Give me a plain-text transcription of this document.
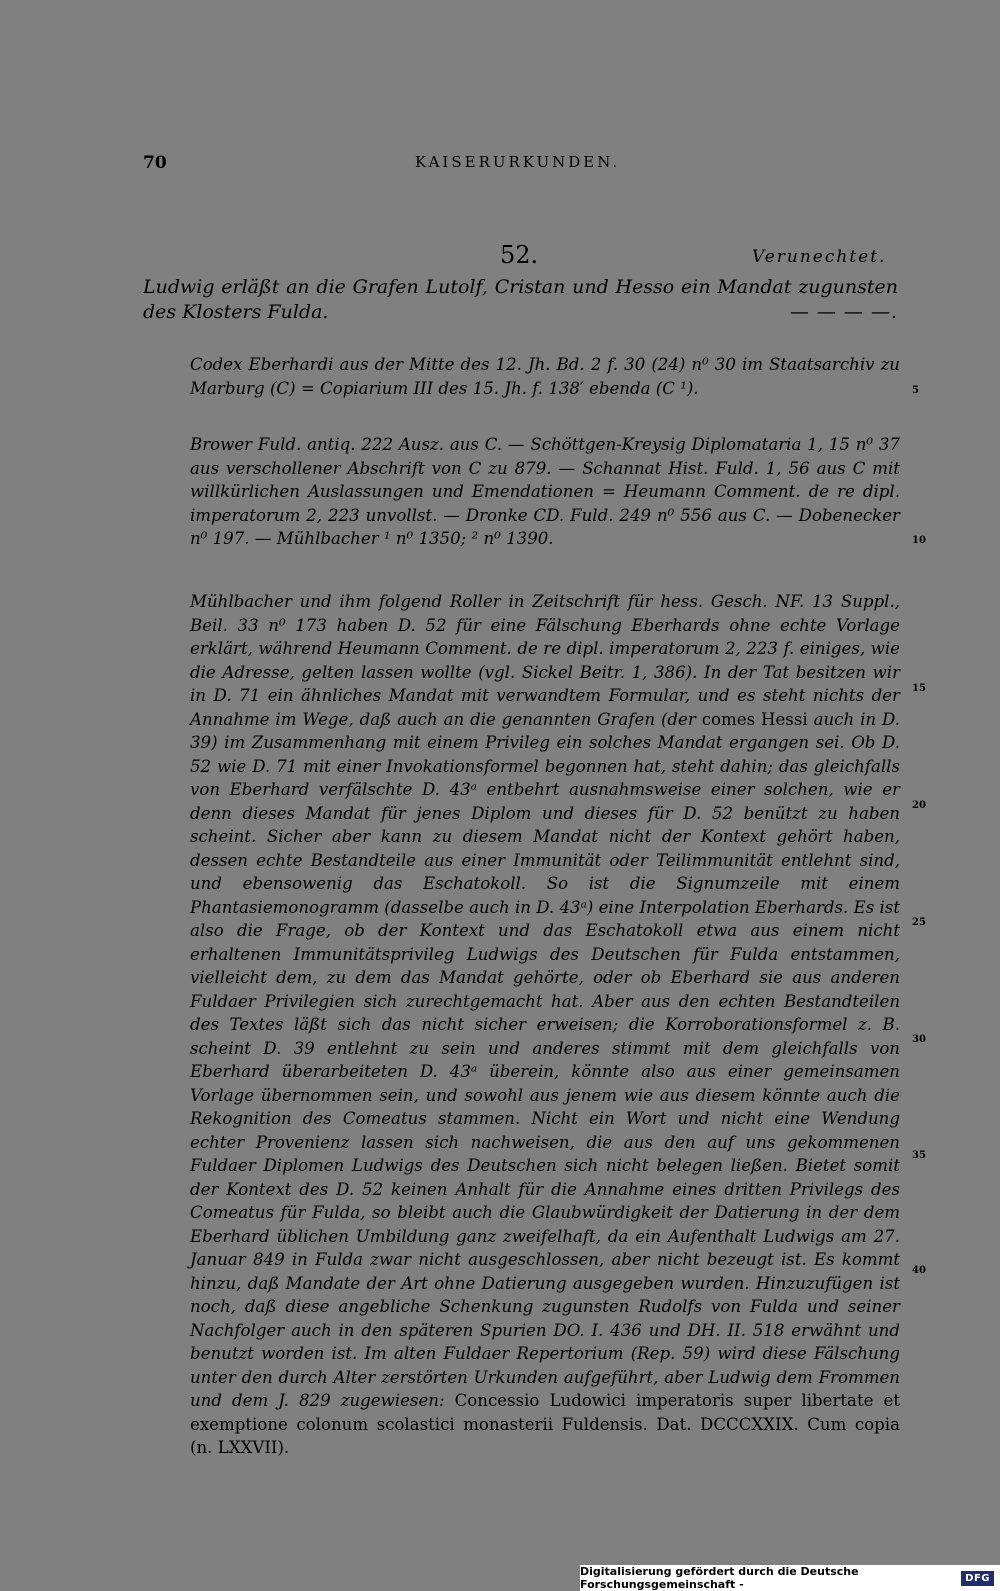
70	KAISERURKUNDEN.
52.	Verunechtet.
Ludwig erläßt an die Grafen Lutolf, Cristan und Hesso ein Mandat zugunsten des Klosters Fulda.	— — — —.
Codex Eberhardi aus der Mitte des 12. Jh. Bd. 2 f. 30 (24) n⁰ 30 im Staatsarchiv zu Marburg (C) = Copiarium III des 15. Jh. f. 138′ ebenda (C ¹).
Brower Fuld. antiq. 222 Ausz. aus C. — Schöttgen-Kreysig Diplomataria 1, 15 n⁰ 37 aus verschollener Abschrift von C zu 879. — Schannat Hist. Fuld. 1, 56 aus C mit willkürlichen Auslassungen und Emendationen = Heumann Comment. de re dipl. imperatorum 2, 223 unvollst. — Dronke CD. Fuld. 249 n⁰ 556 aus C. — Dobenecker n⁰ 197. — Mühlbacher ¹ n⁰ 1350; ² n⁰ 1390.
Mühlbacher und ihm folgend Roller in Zeitschrift für hess. Gesch. NF. 13 Suppl., Beil. 33 n⁰ 173 haben D. 52 für eine Fälschung Eberhards ohne echte Vorlage erklärt, während Heumann Comment. de re dipl. imperatorum 2, 223 f. einiges, wie die Adresse, gelten lassen wollte (vgl. Sickel Beitr. 1, 386). In der Tat besitzen wir in D. 71 ein ähnliches Mandat mit verwandtem Formular, und es steht nichts der Annahme im Wege, daß auch an die genannten Grafen (der comes Hessi auch in D. 39) im Zusammenhang mit einem Privileg ein solches Mandat ergangen sei. Ob D. 52 wie D. 71 mit einer Invokationsformel begonnen hat, steht dahin; das gleichfalls von Eberhard verfälschte D. 43ᵃ entbehrt ausnahmsweise einer solchen, wie er denn dieses Mandat für jenes Diplom und dieses für D. 52 benützt zu haben scheint. Sicher aber kann zu diesem Mandat nicht der Kontext gehört haben, dessen echte Bestandteile aus einer Immunität oder Teilimmunität entlehnt sind, und ebensowenig das Eschatokoll. So ist die Signumzeile mit einem Phantasiemonogramm (dasselbe auch in D. 43ᵃ) eine Interpolation Eberhards. Es ist also die Frage, ob der Kontext und das Eschatokoll etwa aus einem nicht erhaltenen Immunitätsprivileg Ludwigs des Deutschen für Fulda entstammen, vielleicht dem, zu dem das Mandat gehörte, oder ob Eberhard sie aus anderen Fuldaer Privilegien sich zurechtgemacht hat. Aber aus den echten Bestandteilen des Textes läßt sich das nicht sicher erweisen; die Korroborationsformel z. B. scheint D. 39 entlehnt zu sein und anderes stimmt mit dem gleichfalls von Eberhard überarbeiteten D. 43ᵃ überein, könnte also aus einer gemeinsamen Vorlage übernommen sein, und sowohl aus jenem wie aus diesem könnte auch die Rekognition des Comeatus stammen. Nicht ein Wort und nicht eine Wendung echter Provenienz lassen sich nachweisen, die aus den auf uns gekommenen Fuldaer Diplomen Ludwigs des Deutschen sich nicht belegen ließen. Bietet somit der Kontext des D. 52 keinen Anhalt für die Annahme eines dritten Privilegs des Comeatus für Fulda, so bleibt auch die Glaubwürdigkeit der Datierung in der dem Eberhard üblichen Umbildung ganz zweifelhaft, da ein Aufenthalt Ludwigs am 27. Januar 849 in Fulda zwar nicht ausgeschlossen, aber nicht bezeugt ist. Es kommt hinzu, daß Mandate der Art ohne Datierung ausgegeben wurden. Hinzuzufügen ist noch, daß diese angebliche Schenkung zugunsten Rudolfs von Fulda und seiner Nachfolger auch in den späteren Spurien DO. I. 436 und DH. II. 518 erwähnt und benutzt worden ist. Im alten Fuldaer Repertorium (Rep. 59) wird diese Fälschung unter den durch Alter zerstörten Urkunden aufgeführt, aber Ludwig dem Frommen und dem J. 829 zugewiesen: Concessio Ludowici imperatoris super libertate et exemptione colonum scolastici monasterii Fuldensis. Dat. DCCCXXIX. Cum copia (n. LXXVII).
5
10
15
20
25
30
35
40
Digitalisierung gefördert durch die Deutsche Forschungsgemeinschaft -	DFG
